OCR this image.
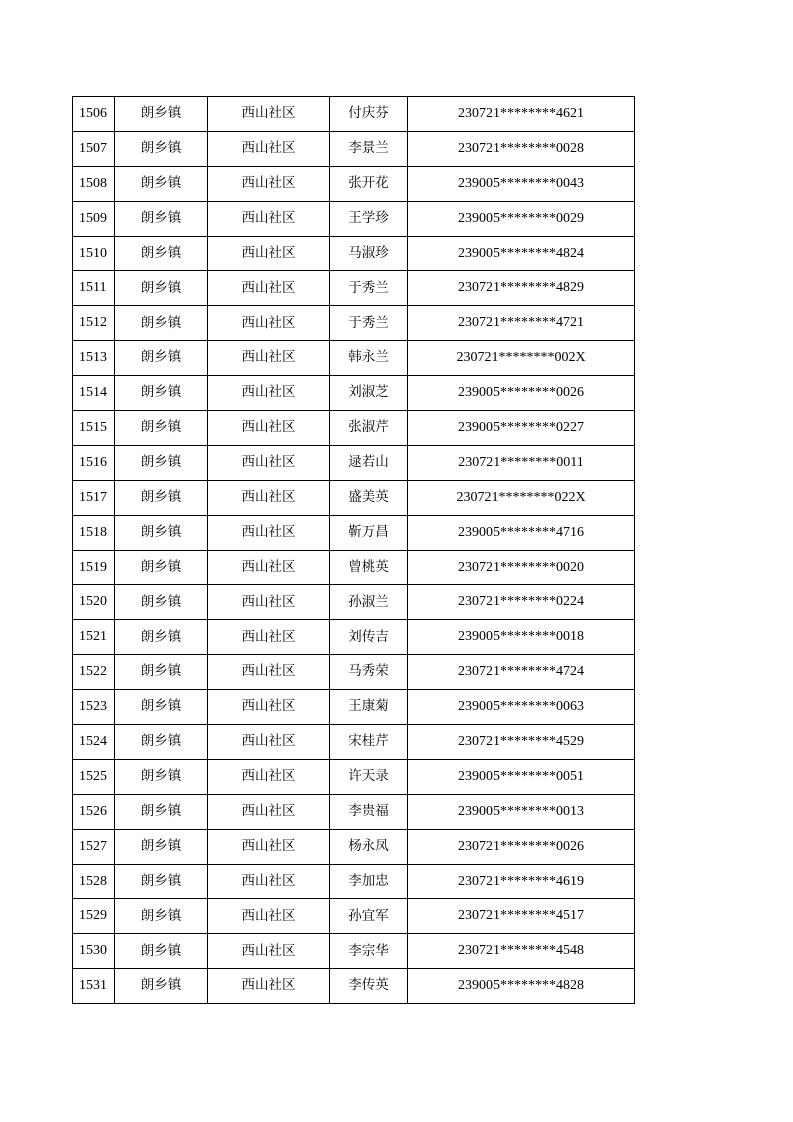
1506	朗乡镇	西山社区	付庆芬	230721********4621
1507	朗乡镇	西山社区	李景兰	230721********0028
1508	朗乡镇	西山社区	张开花	239005********0043
1509	朗乡镇	西山社区	王学珍	239005********0029
1510	朗乡镇	西山社区	马淑珍	239005********4824
1511	朗乡镇	西山社区	于秀兰	230721********4829
1512	朗乡镇	西山社区	于秀兰	230721********4721
1513	朗乡镇	西山社区	韩永兰	230721********002X
1514	朗乡镇	西山社区	刘淑芝	239005********0026
1515	朗乡镇	西山社区	张淑芹	239005********0227
1516	朗乡镇	西山社区	逯若山	230721********0011
1517	朗乡镇	西山社区	盛美英	230721********022X
1518	朗乡镇	西山社区	靳万昌	239005********4716
1519	朗乡镇	西山社区	曾桃英	230721********0020
1520	朗乡镇	西山社区	孙淑兰	230721********0224
1521	朗乡镇	西山社区	刘传吉	239005********0018
1522	朗乡镇	西山社区	马秀荣	230721********4724
1523	朗乡镇	西山社区	王康菊	239005********0063
1524	朗乡镇	西山社区	宋桂芹	230721********4529
1525	朗乡镇	西山社区	许天录	239005********0051
1526	朗乡镇	西山社区	李贵福	239005********0013
1527	朗乡镇	西山社区	杨永凤	230721********0026
1528	朗乡镇	西山社区	李加忠	230721********4619
1529	朗乡镇	西山社区	孙宜军	230721********4517
1530	朗乡镇	西山社区	李宗华	230721********4548
1531	朗乡镇	西山社区	李传英	239005********4828
